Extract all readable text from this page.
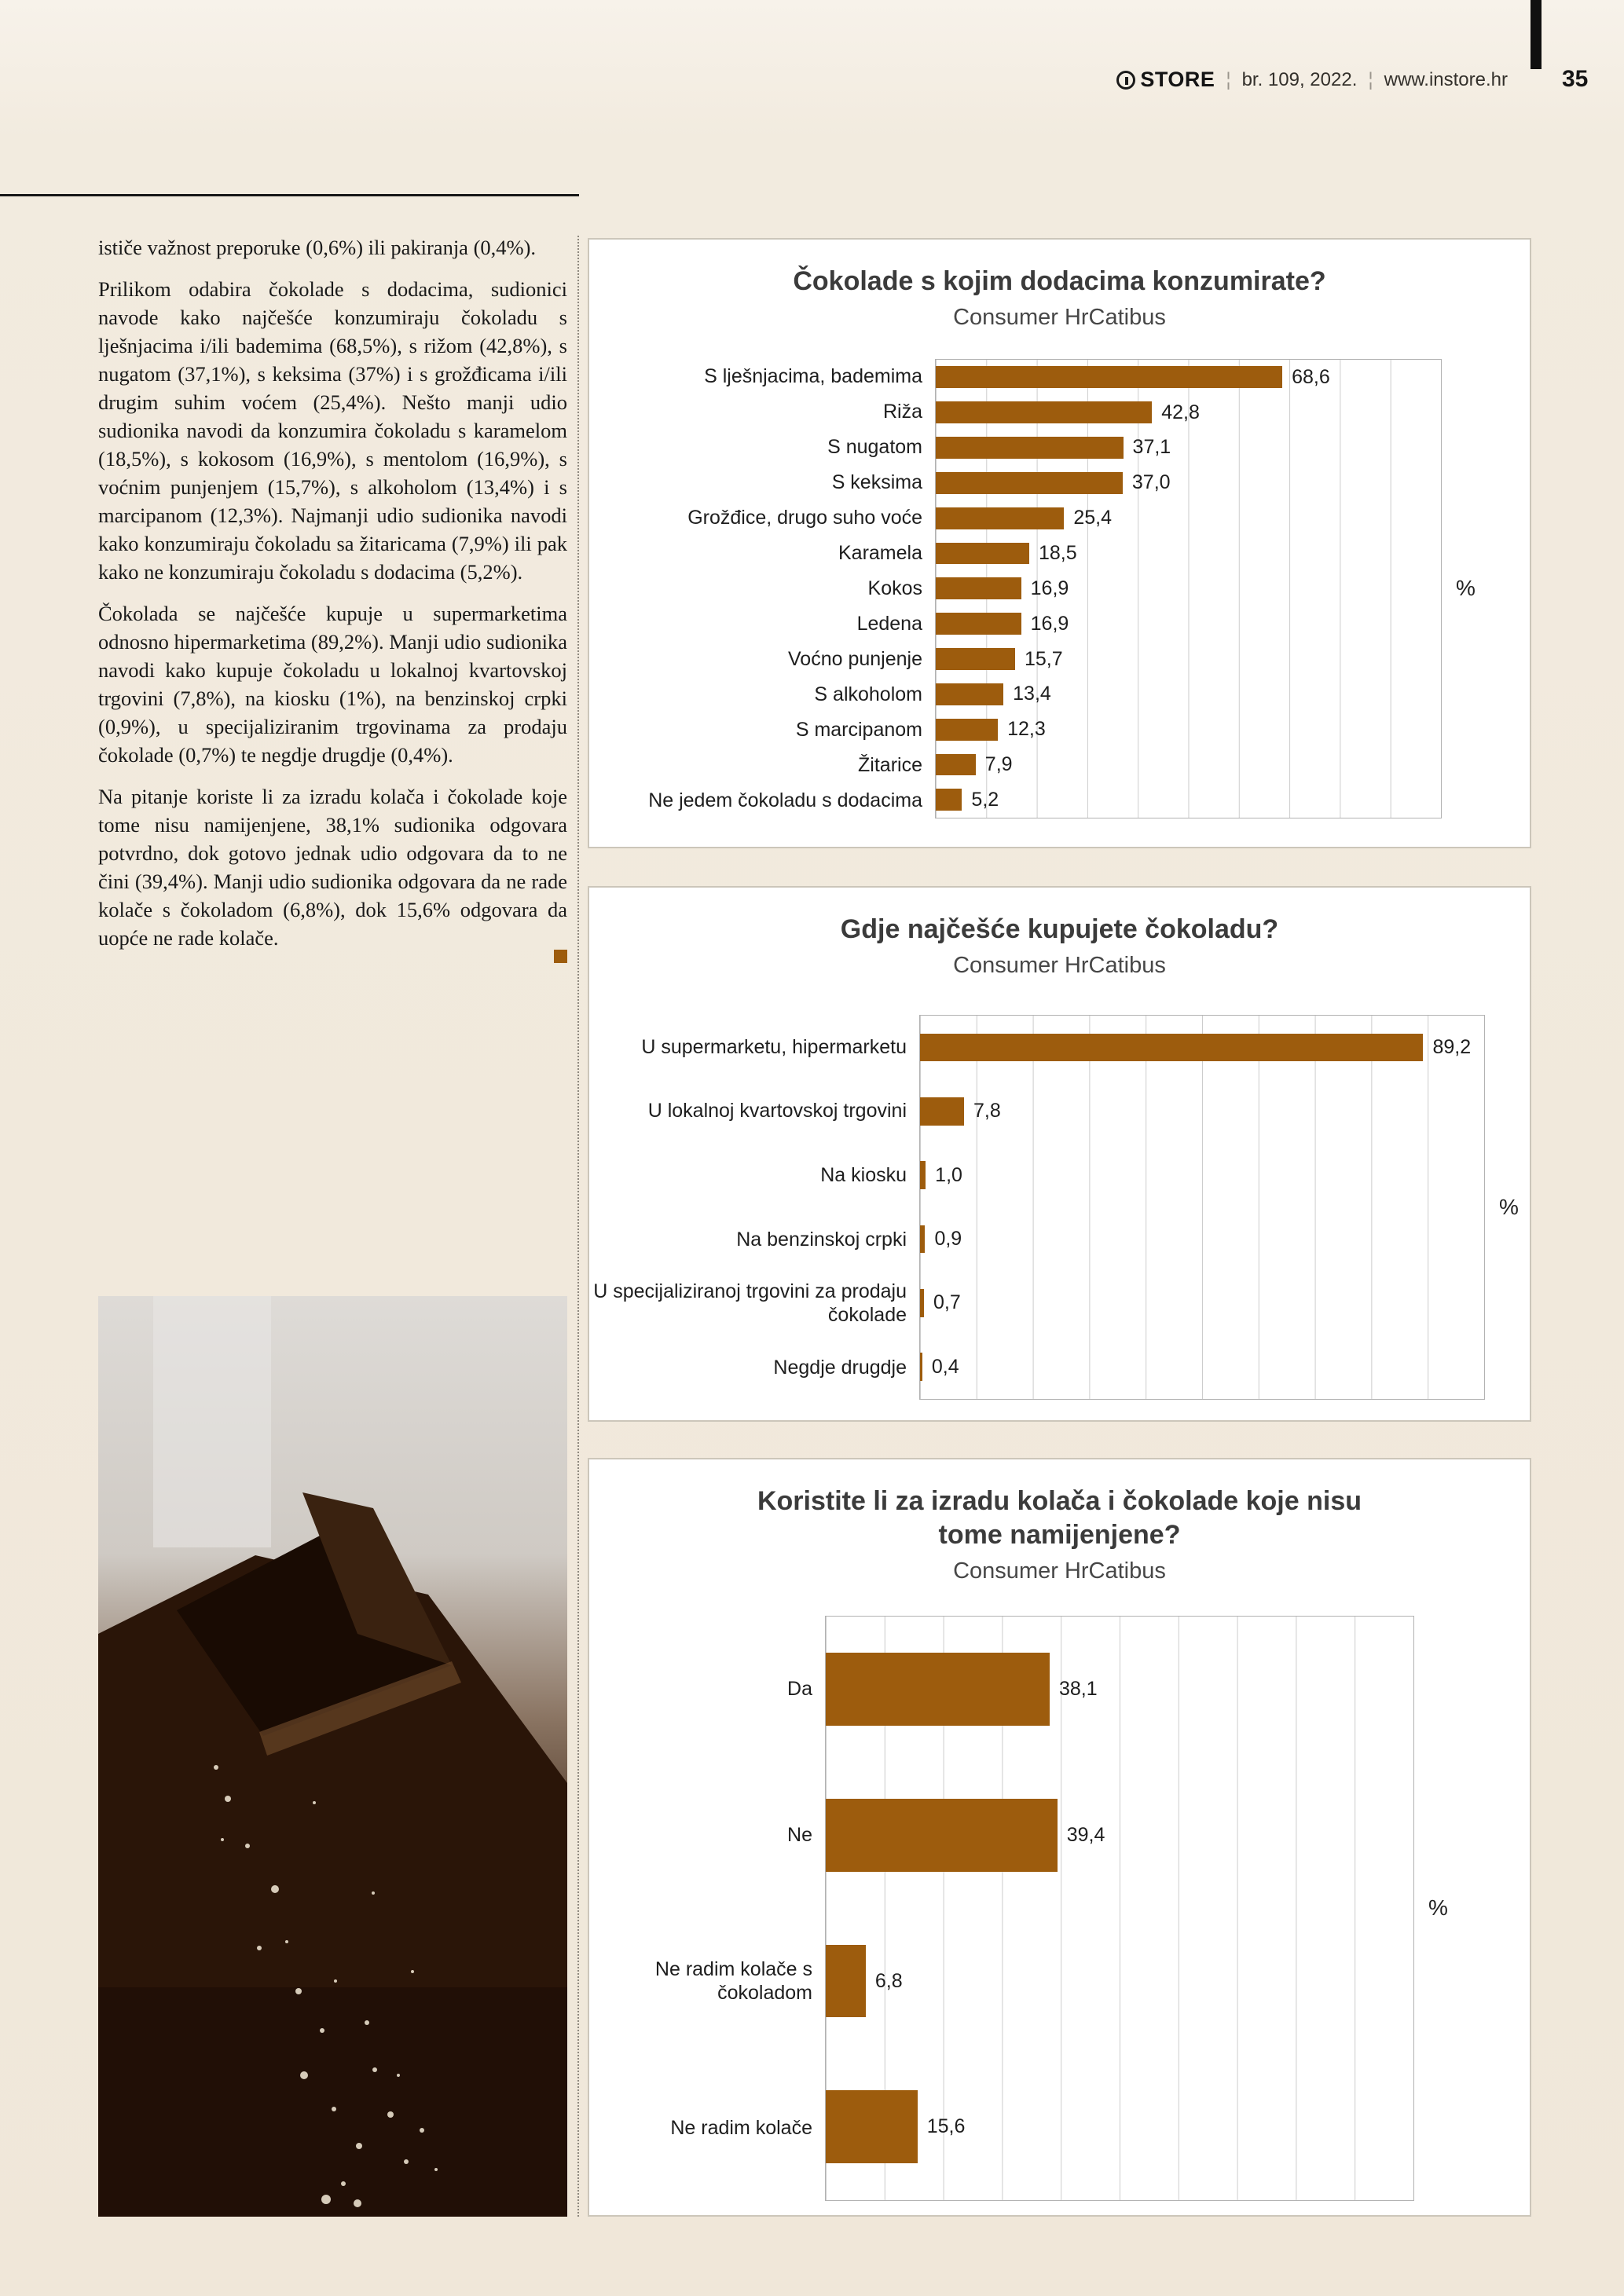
STORE ¦ br. 109, 2022. ¦ www.instore.hr 35

ističe važnost preporuke (0,6%) ili pakiranja (0,4%).

Prilikom odabira čokolade s dodacima, sudionici navode kako najčešće konzumiraju čokoladu s lješnjacima i/ili bademima (68,5%), s rižom (42,8%), s nugatom (37,1%), s keksima (37%) i s grožđicama i/ili drugim suhim voćem (25,4%). Nešto manji udio sudionika navodi da konzumira čokoladu s karamelom (18,5%), s kokosom (16,9%), s mentolom (16,9%), s voćnim punjenjem (15,7%), s alkoholom (13,4%) i s marcipanom (12,3%). Najmanji udio sudionika navodi kako konzumiraju čokoladu sa žitaricama (7,9%) ili pak kako ne konzumiraju čokoladu s dodacima (5,2%).

Čokolada se najčešće kupuje u supermarketima odnosno hipermarketima (89,2%). Manji udio sudionika navodi kako kupuje čokoladu u lokalnoj kvartovskoj trgovini (7,8%), na kiosku (1%), na benzinskoj crpki (0,9%), u specijaliziranim trgovinama za prodaju čokolade (0,7%) te negdje drugdje (0,4%).

Na pitanje koriste li za izradu kolača i čokolade koje tome nisu namijenjene, 38,1% sudionika odgovara potvrdno, dok gotovo jednak udio odgovara da to ne čini (39,4%). Manji udio sudionika odgovara da ne rade kolače s čokoladom (6,8%), dok 15,6% odgovara da uopće ne rade kolače.

Čokolade s kojim dodacima konzumirate?
Consumer HrCatibus
S lješnjacima, bademima
Riža
S nugatom
S keksima
Grožđice, drugo suho voće
Karamela
Kokos
Ledena
Voćno punjenje
S alkoholom
S marcipanom
Žitarice
Ne jedem čokoladu s dodacima
68,6
42,8
37,1
37,0
25,4
18,5
16,9
16,9
15,7
13,4
12,3
7,9
5,2
%
Gdje najčešće kupujete čokoladu?
Consumer HrCatibus
U supermarketu, hipermarketu
U lokalnoj kvartovskoj trgovini
Na kiosku
Na benzinskoj crpki
U specijaliziranoj trgovini za prodaju čokolade
Negdje drugdje
89,2
7,8
1,0
0,9
0,7
0,4
%
Koristite li za izradu kolača i čokolade koje nisu tome namijenjene?
Consumer HrCatibus
Da
Ne
Ne radim kolače s čokoladom
Ne radim kolače
38,1
39,4
6,8
15,6
%
